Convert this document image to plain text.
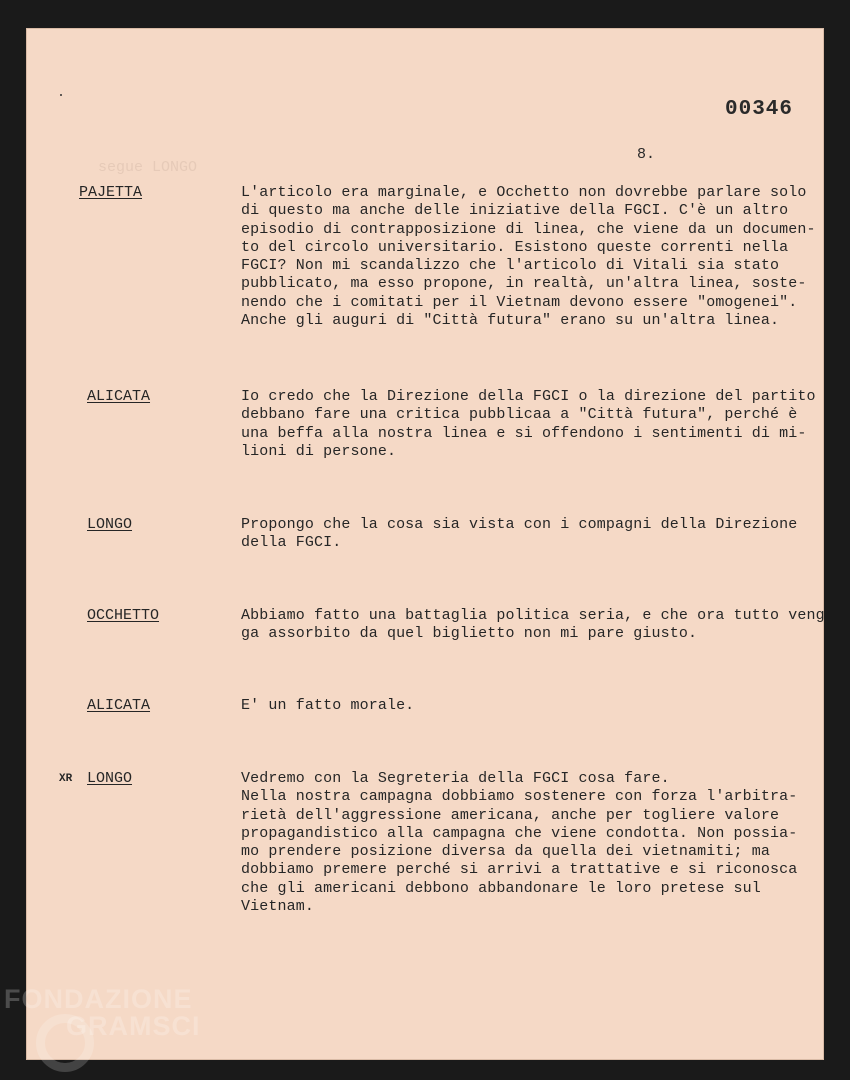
segue LONGO
00346
8.
PAJETTA	L'articolo era marginale, e Occhetto non dovrebbe parlare solo
di questo ma anche delle iniziative della FGCI. C'è un altro
episodio di contrapposizione di linea, che viene da un documen-
to del circolo universitario. Esistono queste correnti nella
FGCI? Non mi scandalizzo che l'articolo di Vitali sia stato
pubblicato, ma esso propone, in realtà, un'altra linea, soste-
nendo che i comitati per il Vietnam devono essere "omogenei".
Anche gli auguri di "Città futura" erano su un'altra linea.
ALICATA	Io credo che la Direzione della FGCI o la direzione del partito
debbano fare una critica pubblicaa a "Città futura", perché è
una beffa alla nostra linea e si offendono i sentimenti di mi-
lioni di persone.
LONGO	Propongo che la cosa sia vista con i compagni della Direzione
della FGCI.
OCCHETTO	Abbiamo fatto una battaglia politica seria, e che ora tutto veng
ga assorbito da quel biglietto non mi pare giusto.
ALICATA	E' un fatto morale.
XR LONGO	Vedremo con la Segreteria della FGCI cosa fare.
Nella nostra campagna dobbiamo sostenere con forza l'arbitra-
rietà dell'aggressione americana, anche per togliere valore
propagandistico alla campagna che viene condotta. Non possia-
mo prendere posizione diversa da quella dei vietnamiti; ma
dobbiamo premere perché si arrivi a trattative e si riconosca
che gli americani debbono abbandonare le loro pretese sul
Vietnam.
FONDAZIONE
GRAMSCI
